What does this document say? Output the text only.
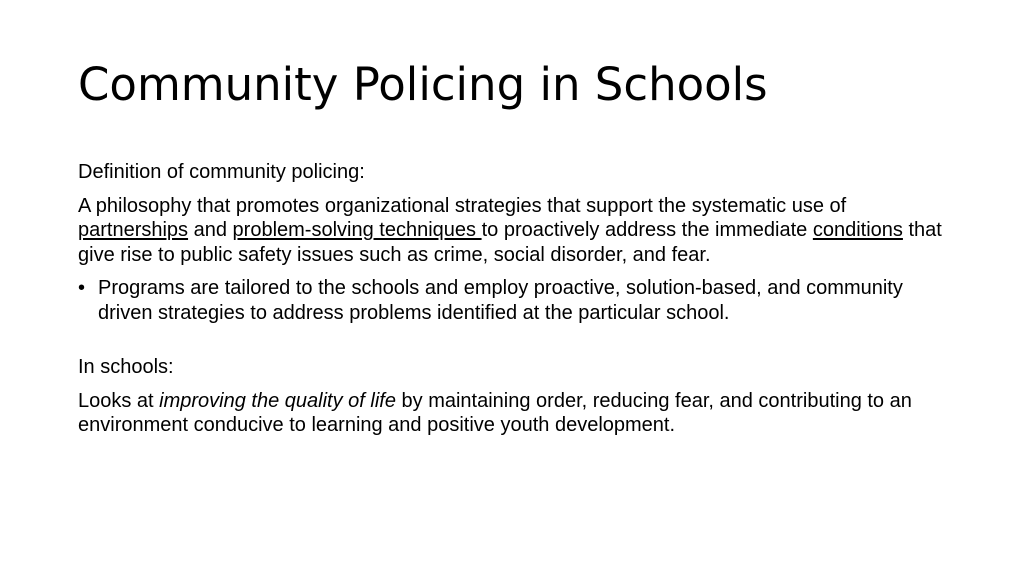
Community Policing in Schools

Definition of community policing:

A philosophy that promotes organizational strategies that support the systematic use of partnerships and problem-solving techniques to proactively address the immediate conditions that give rise to public safety issues such as crime, social disorder, and fear.

• Programs are tailored to the schools and employ proactive, solution-based, and community driven strategies to address problems identified at the particular school.

In schools:

Looks at improving the quality of life by maintaining order, reducing fear, and contributing to an environment conducive to learning and positive youth development.
